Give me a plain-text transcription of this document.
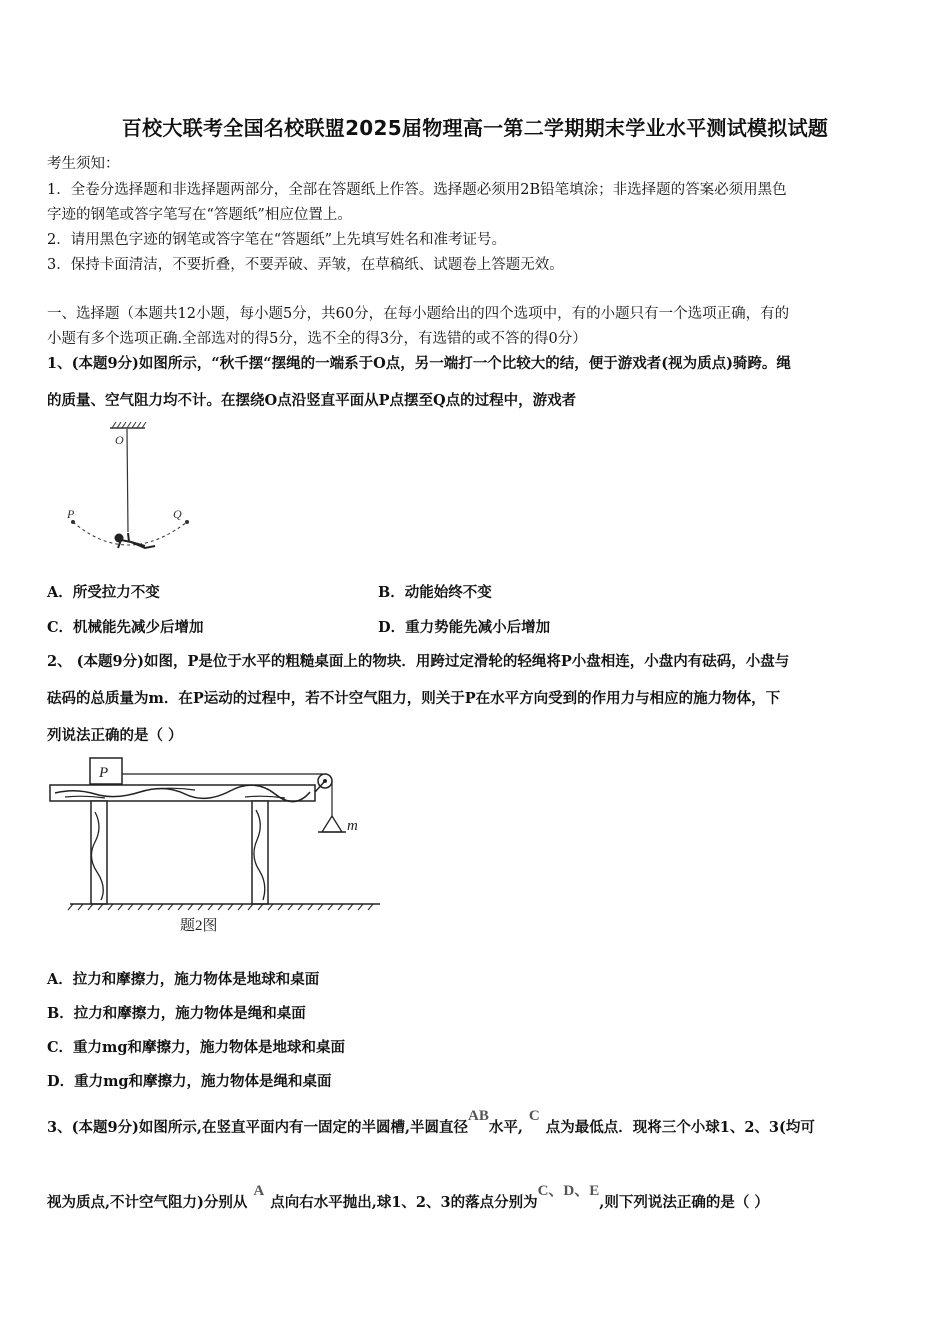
百校大联考全国名校联盟2025届物理高一第二学期期末学业水平测试模拟试题
考生须知：
1．全卷分选择题和非选择题两部分，全部在答题纸上作答。选择题必须用2B铅笔填涂；非选择题的答案必须用黑色
字迹的钢笔或答字笔写在“答题纸”相应位置上。
2．请用黑色字迹的钢笔或答字笔在“答题纸”上先填写姓名和准考证号。
3．保持卡面清洁，不要折叠，不要弄破、弄皱，在草稿纸、试题卷上答题无效。
一、选择题（本题共12小题，每小题5分，共60分，在每小题给出的四个选项中，有的小题只有一个选项正确，有的
小题有多个选项正确.全部选对的得5分，选不全的得3分，有选错的或不答的得0分）
1、(本题9分)如图所示，“秋千摆“摆绳的一端系于O点，另一端打一个比较大的结，便于游戏者(视为质点)骑跨。绳
的质量、空气阻力均不计。在摆绕O点沿竖直平面从P点摆至Q点的过程中，游戏者
O
P	Q
A．所受拉力不变	B．动能始终不变
C．机械能先减少后增加	D．重力势能先减小后增加
2、 (本题9分)如图，P是位于水平的粗糙桌面上的物块．用跨过定滑轮的轻绳将P小盘相连，小盘内有砝码，小盘与
砝码的总质量为m．在P运动的过程中，若不计空气阻力，则关于P在水平方向受到的作用力与相应的施力物体，下
列说法正确的是（ ）
P
m
题2图
A．拉力和摩擦力，施力物体是地球和桌面
B．拉力和摩擦力，施力物体是绳和桌面
C．重力mg和摩擦力，施力物体是地球和桌面
D．重力mg和摩擦力，施力物体是绳和桌面
3、(本题9分)如图所示,在竖直平面内有一固定的半圆槽,半圆直径AB水平,C点为最低点．现将三个小球1、2、3(均可
视为质点,不计空气阻力)分别从A点向右水平抛出,球1、2、3的落点分别为C、D、E,则下列说法正确的是（ ）
